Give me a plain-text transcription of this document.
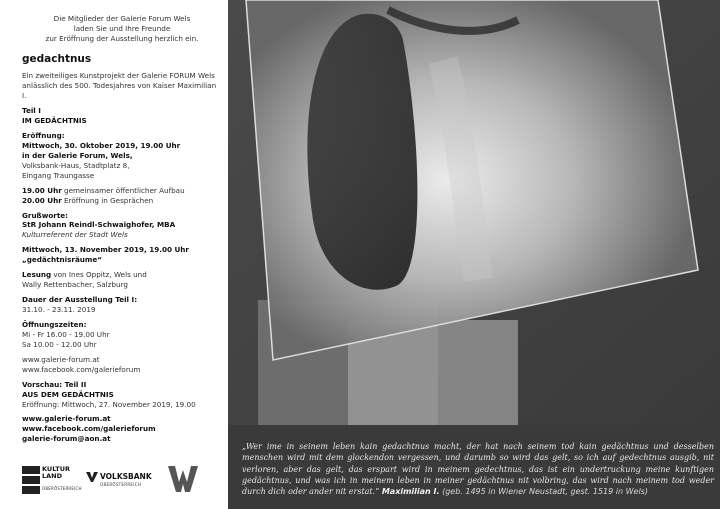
Die Mitglieder der Galerie Forum Wels

laden Sie und Ihre Freunde

zur Eröffnung der Ausstellung herzlich ein.

gedachtnus

Ein zweiteiliges Kunstprojekt der Galerie FORUM Wels anlässlich des 500. Todesjahres von Kaiser Maximilian I.

Teil I

IM GEDÄCHTNIS

Eröffnung:

Mittwoch, 30. Oktober 2019, 19.00 Uhr

in der Galerie Forum, Wels,

Volksbank-Haus, Stadtplatz 8,

Eingang Traungasse

19.00 Uhr gemeinsamer öffentlicher Aufbau

20.00 Uhr Eröffnung in Gesprächen

Grußworte:

StR Johann Reindl-Schwaighofer, MBA

Kulturreferent der Stadt Wels

Mittwoch, 13. November 2019, 19.00 Uhr

„gedächtnisräume“

Lesung von Ines Oppitz, Wels und

Wally Rettenbacher, Salzburg

Dauer der Ausstellung Teil I:

31.10. - 23.11. 2019

Öffnungszeiten:

Mi - Fr 16.00 - 19.00 Uhr

Sa 10.00 - 12.00 Uhr

www.galerie-forum.at

www.facebook.com/galerieforum

Vorschau: Teil II

AUS DEM GEDÄCHTNIS

Eröffnung: Mittwoch, 27. November 2019, 19.00

www.galerie-forum.at

www.facebook.com/galerieforum

galerie-forum@aon.at

KULTUR
LAND
OBERÖSTERREICH
VOLKSBANK
OBERÖSTERREICH

„Wer ime in seinem leben kain gedachtnus macht, der hat nach seinem tod kain gedächtnus und desselben menschen wird mit dem glockendon vergessen, und darumb so wird das gelt, so ich auf gedechtnus ausgib, nit verloren, aber das gelt, das erspart wird in meinem gedechtnus, das ist ein undertruckung meine kunftigen gedächtnus, und was ich in meinem leben in meiner gedächtnus nit volbring, das wird nach meinem tod weder durch dich oder ander nit erstat.“ Maximilian I. (geb. 1495 in Wiener Neustadt, gest. 1519 in Wels)
